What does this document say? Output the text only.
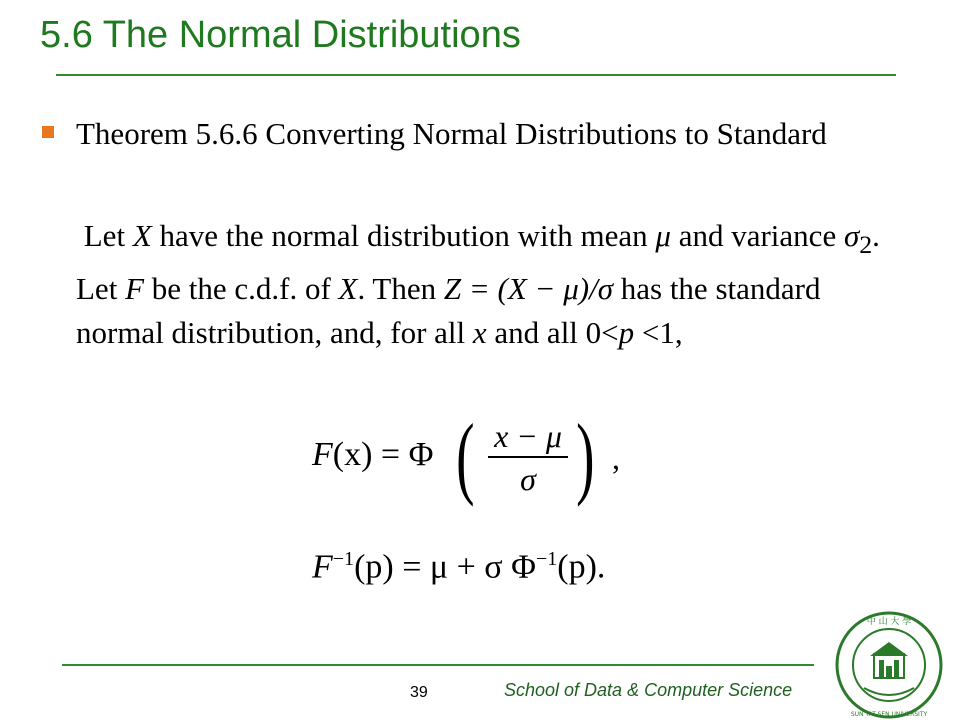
5.6 The Normal Distributions
Theorem 5.6.6 Converting Normal Distributions to Standard
Let X have the normal distribution with mean μ and variance $\sigma_2$. Let F be the c.d.f. of X. Then Z = (X − μ)/σ has the standard normal distribution, and, for all x and all 0<p <1,
F(x) = Φ ( x − μ
σ ) ,
$F^{-1}(p) = \mu + \sigma$ $\Phi^{-1}(p)$.
39	School of Data & Computer Science
中 山 大 學
SUN YAT-SEN UNIVERSITY
